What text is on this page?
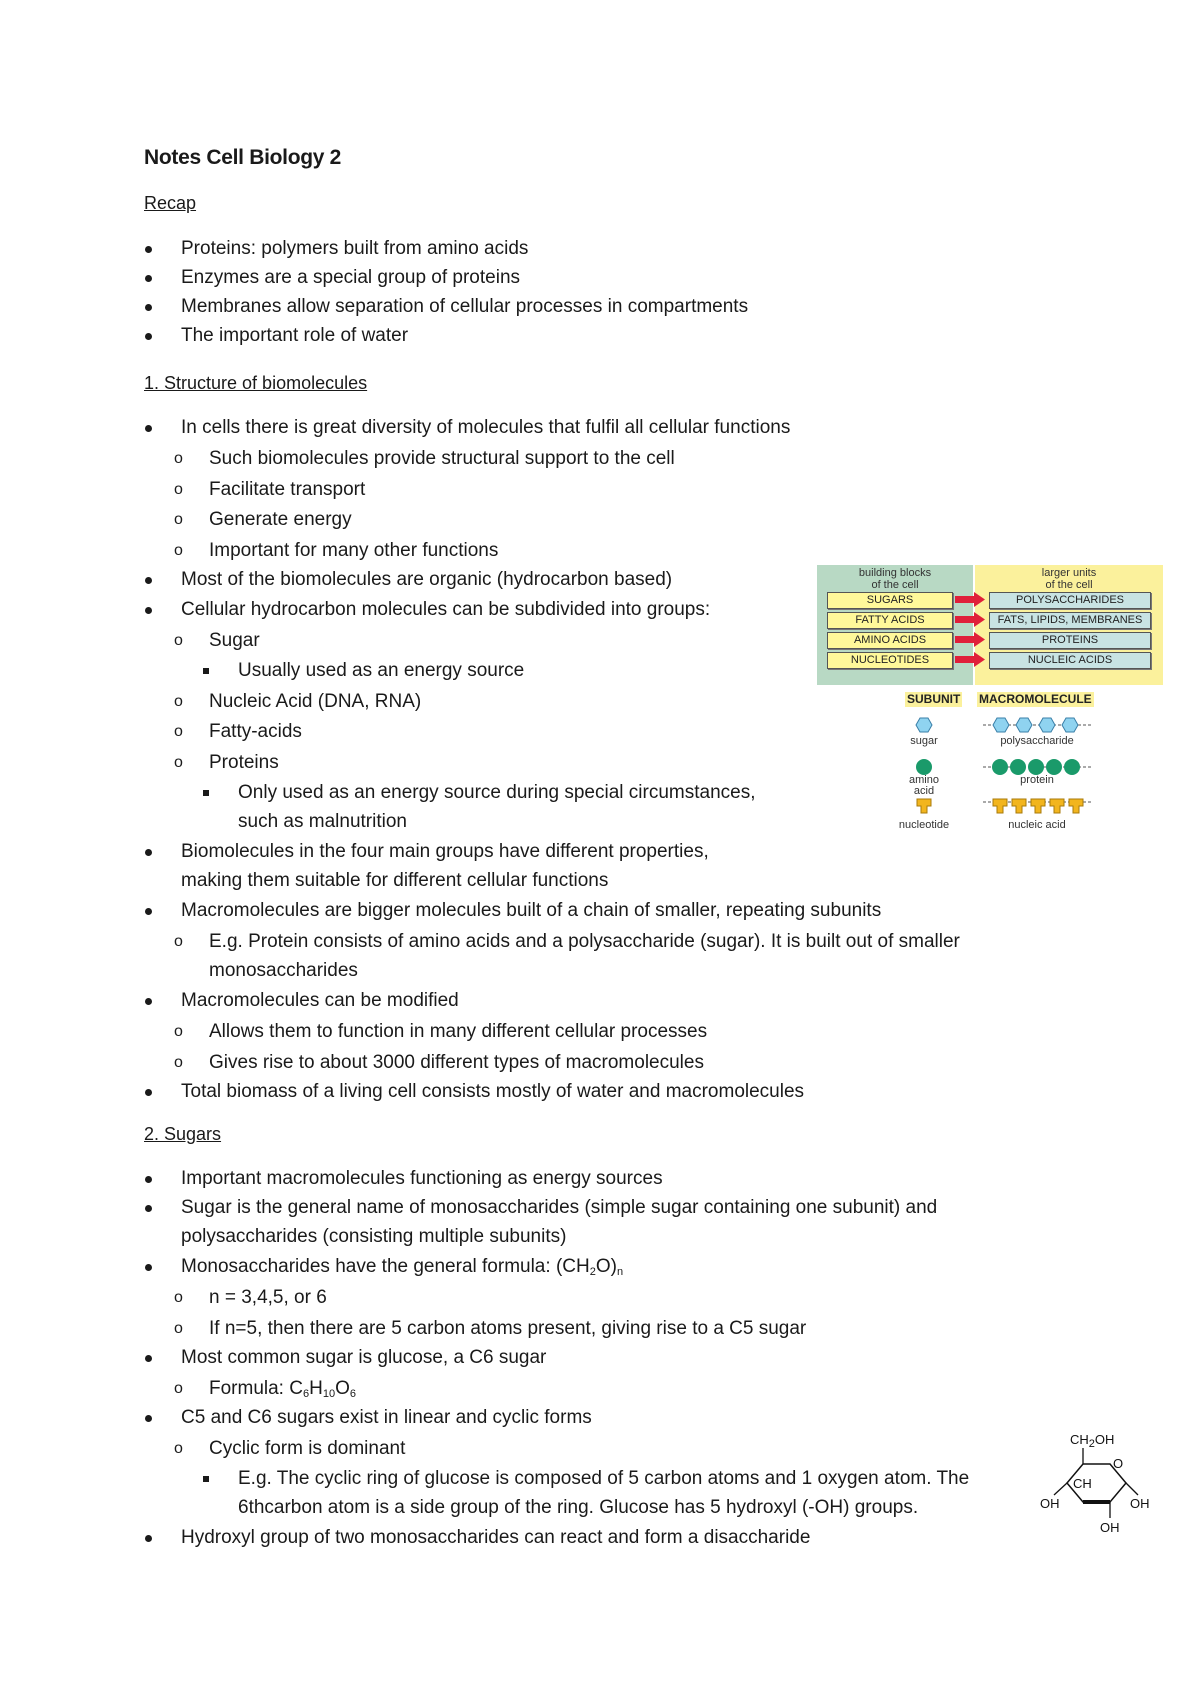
Notes Cell Biology 2
Recap
Proteins: polymers built from amino acids
Enzymes are a special group of proteins
Membranes allow separation of cellular processes in compartments
The important role of water
1. Structure of biomolecules
In cells there is great diversity of molecules that fulfil all cellular functions
o Such biomolecules provide structural support to the cell
o Facilitate transport
o Generate energy
o Important for many other functions
Most of the biomolecules are organic (hydrocarbon based)
Cellular hydrocarbon molecules can be subdivided into groups:
o Sugar
Usually used as an energy source
o Nucleic Acid (DNA, RNA)
o Fatty-acids
o Proteins
Only used as an energy source during special circumstances,
such as malnutrition
Biomolecules in the four main groups have different properties,
making them suitable for different cellular functions
Macromolecules are bigger molecules built of a chain of smaller, repeating subunits
o E.g. Protein consists of amino acids and a polysaccharide (sugar). It is built out of smaller
monosaccharides
Macromolecules can be modified
o Allows them to function in many different cellular processes
o Gives rise to about 3000 different types of macromolecules
Total biomass of a living cell consists mostly of water and macromolecules
2. Sugars
Important macromolecules functioning as energy sources
Sugar is the general name of monosaccharides (simple sugar containing one subunit) and
polysaccharides (consisting multiple subunits)
Monosaccharides have the general formula: $(CH_2O)_n$
o n = 3,4,5, or 6
o If n=5, then there are 5 carbon atoms present, giving rise to a C5 sugar
Most common sugar is glucose, a C6 sugar
o Formula: $C_6H_{10}O_6$
C5 and C6 sugars exist in linear and cyclic forms
o Cyclic form is dominant
E.g. The cyclic ring of glucose is composed of 5 carbon atoms and 1 oxygen atom. The
6thcarbon atom is a side group of the ring. Glucose has 5 hydroxyl (-OH) groups.
Hydroxyl group of two monosaccharides can react and form a disaccharide
building blocks
of the cell
larger units
of the cell
SUGARS
FATTY ACIDS
AMINO ACIDS
NUCLEOTIDES
POLYSACCHARIDES
FATS, LIPIDS, MEMBRANES
PROTEINS
NUCLEIC ACIDS
SUBUNIT MACROMOLECULE
sugar	polysaccharide
amino
acid
protein
nucleotide	nucleic acid
$CH_2OH$
O
CH
OH	OH
OH
